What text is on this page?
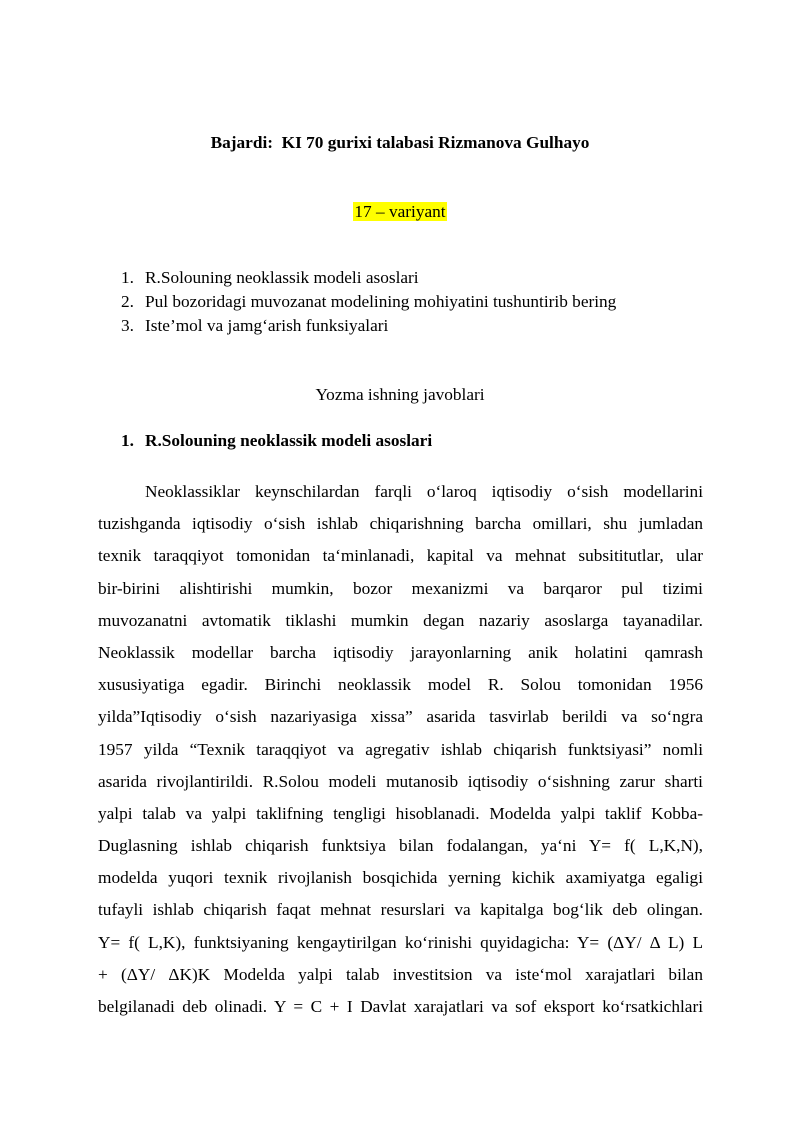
Bajardi:  KI 70 gurixi talabasi Rizmanova Gulhayo
17 – variyant
1. R.Solouning neoklassik modeli asoslari
2. Pul bozoridagi muvozanat modelining mohiyatini tushuntirib bering
3. Iste’mol va jamg‘arish funksiyalari
Yozma ishning javoblari
1. R.Solouning neoklassik modeli asoslari
Neoklassiklar keynschilardan farqli o‘laroq iqtisodiy o‘sish modellarini
tuzishganda iqtisodiy o‘sish ishlab chiqarishning barcha omillari, shu jumladan
texnik taraqqiyot tomonidan ta‘minlanadi, kapital va mehnat subsititutlar, ular
bir-birini alishtirishi mumkin, bozor mexanizmi va barqaror pul tizimi
muvozanatni avtomatik tiklashi mumkin degan nazariy asoslarga tayanadilar.
Neoklassik modellar barcha iqtisodiy jarayonlarning anik holatini qamrash
xususiyatiga egadir. Birinchi neoklassik model R. Solou tomonidan 1956
yilda”Iqtisodiy o‘sish nazariyasiga xissa” asarida tasvirlab berildi va so‘ngra
1957 yilda “Texnik taraqqiyot va agregativ ishlab chiqarish funktsiyasi” nomli
asarida rivojlantirildi. R.Solou modeli mutanosib iqtisodiy o‘sishning zarur sharti
yalpi talab va yalpi taklifning tengligi hisoblanadi. Modelda yalpi taklif Kobba-
Duglasning ishlab chiqarish funktsiya bilan fodalangan, ya‘ni Y= f( L,K,N),
modelda yuqori texnik rivojlanish bosqichida yerning kichik axamiyatga egaligi
tufayli ishlab chiqarish faqat mehnat resurslari va kapitalga bog‘lik deb olingan.
Y= f( L,K), funktsiyaning kengaytirilgan ko‘rinishi quyidagicha: Y= (ΔY/ Δ L) L
+ (ΔY/ ΔK)K Modelda yalpi talab investitsion va iste‘mol xarajatlari bilan
belgilanadi deb olinadi. Y = C + I Davlat xarajatlari va sof eksport ko‘rsatkichlari
